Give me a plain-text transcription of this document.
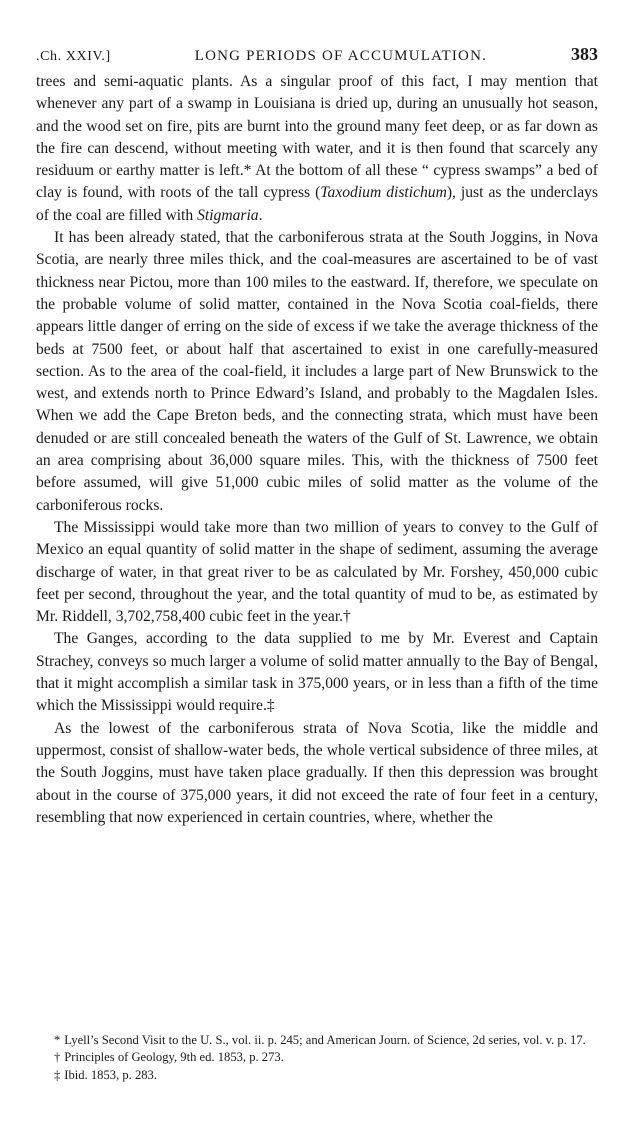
.Ch. XXIV.]	LONG PERIODS OF ACCUMULATION.	383

trees and semi-aquatic plants. As a singular proof of this fact, I may mention that whenever any part of a swamp in Louisiana is dried up, during an unusually hot season, and the wood set on fire, pits are burnt into the ground many feet deep, or as far down as the fire can descend, without meeting with water, and it is then found that scarcely any residuum or earthy matter is left.* At the bottom of all these “ cypress swamps” a bed of clay is found, with roots of the tall cypress (Taxodium distichum), just as the underclays of the coal are filled with Stigmaria.

It has been already stated, that the carboniferous strata at the South Joggins, in Nova Scotia, are nearly three miles thick, and the coal-measures are ascertained to be of vast thickness near Pictou, more than 100 miles to the eastward. If, therefore, we speculate on the probable volume of solid matter, contained in the Nova Scotia coal-fields, there appears little danger of erring on the side of excess if we take the average thickness of the beds at 7500 feet, or about half that ascertained to exist in one carefully-measured section. As to the area of the coal-field, it includes a large part of New Brunswick to the west, and extends north to Prince Edward’s Island, and probably to the Magdalen Isles. When we add the Cape Breton beds, and the connecting strata, which must have been denuded or are still concealed beneath the waters of the Gulf of St. Lawrence, we obtain an area comprising about 36,000 square miles. This, with the thickness of 7500 feet before assumed, will give 51,000 cubic miles of solid matter as the volume of the carboniferous rocks.

The Mississippi would take more than two million of years to convey to the Gulf of Mexico an equal quantity of solid matter in the shape of sediment, assuming the average discharge of water, in that great river to be as calculated by Mr. Forshey, 450,000 cubic feet per second, throughout the year, and the total quantity of mud to be, as estimated by Mr. Riddell, 3,702,758,400 cubic feet in the year.†

The Ganges, according to the data supplied to me by Mr. Everest and Captain Strachey, conveys so much larger a volume of solid matter annually to the Bay of Bengal, that it might accomplish a similar task in 375,000 years, or in less than a fifth of the time which the Mississippi would require.‡

As the lowest of the carboniferous strata of Nova Scotia, like the middle and uppermost, consist of shallow-water beds, the whole vertical subsidence of three miles, at the South Joggins, must have taken place gradually. If then this depression was brought about in the course of 375,000 years, it did not exceed the rate of four feet in a century, resembling that now experienced in certain countries, where, whether the

* Lyell’s Second Visit to the U. S., vol. ii. p. 245; and American Journ. of Science, 2d series, vol. v. p. 17.

† Principles of Geology, 9th ed. 1853, p. 273.

‡ Ibid. 1853, p. 283.
